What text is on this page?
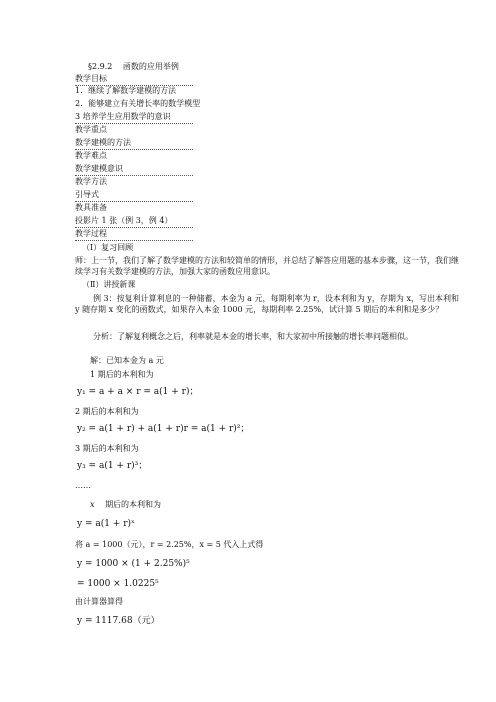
§2.9.2　 函数的应用举例
教学目标
1．继续了解数学建模的方法
2．能够建立有关增长率的数学模型
3 培养学生应用数学的意识
教学重点
数学建模的方法
教学难点
数学建模意识
教学方法
引导式
教具准备
投影片 1 张（例 3，例 4）
教学过程
（I）复习回顾
师：上一节，我们了解了数学建模的方法和较简单的情形，并总结了解答应用题的基本步骤，这一节，我们继续学习有关数学建模的方法，加强大家的函数应用意识。
（Ⅱ）讲授新课
例 3：按复利计算利息的一种储蓄，本金为 a 元，每期利率为 r，设本利和为 y，存期为 x，写出本利和 y 随存期 x 变化的函数式，如果存入本金 1000 元，每期利率 2.25%，试计算 5 期后的本利和是多少？
分析：了解复利概念之后，利率就是本金的增长率，和大家初中所接触的增长率问题相似。
解：已知本金为 a 元
1 期后的本利和为
y₁ = a + a × r = a(1 + r)；
2 期后的本利和为
y₂ = a(1 + r) + a(1 + r)r = a(1 + r)²；
3 期后的本利和为
y₃ = a(1 + r)³；
……
x 期后的本利和为
y = a(1 + r)ˣ
将 a = 1000（元），r = 2.25%，x = 5 代入上式得
y = 1000 × (1 + 2.25%)⁵
= 1000 × 1.0225⁵
由计算器算得
y = 1117.68（元）
